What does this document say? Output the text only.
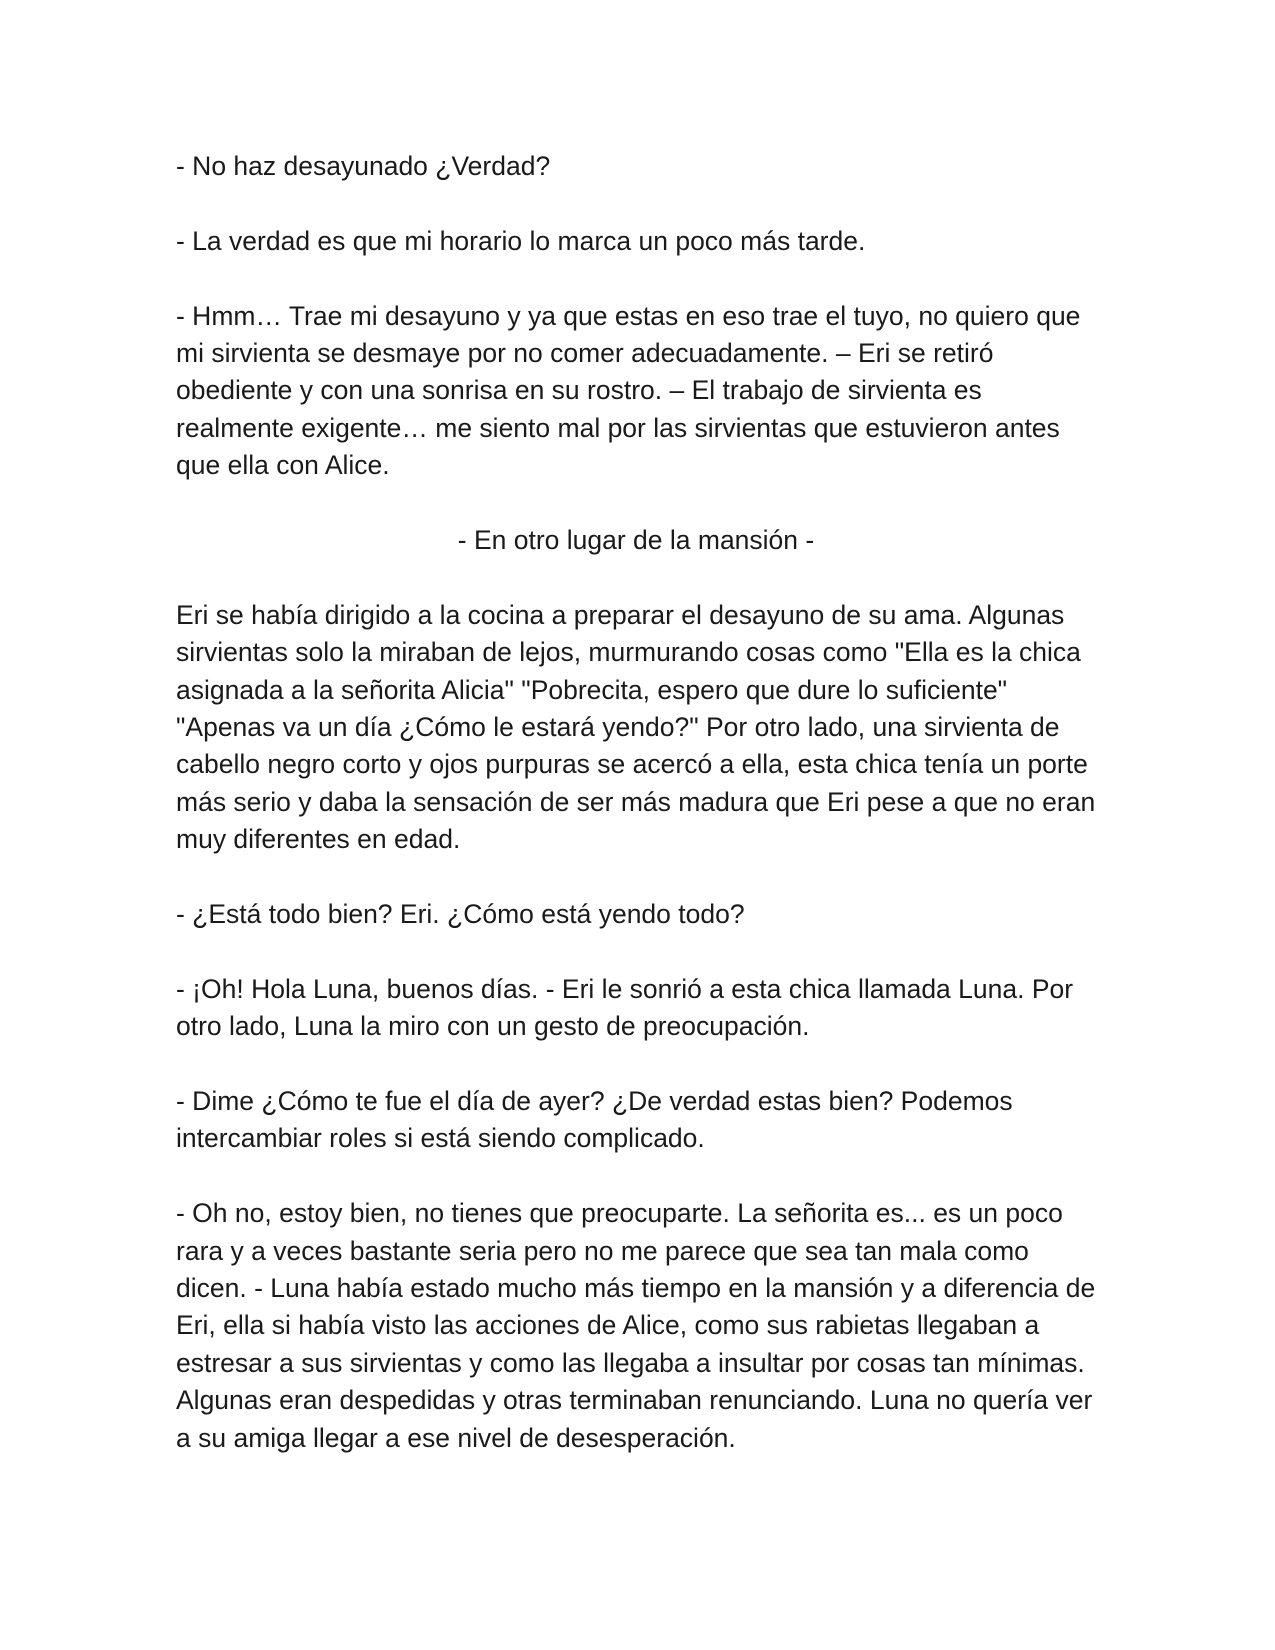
- No haz desayunado ¿Verdad?

- La verdad es que mi horario lo marca un poco más tarde.

- Hmm… Trae mi desayuno y ya que estas en eso trae el tuyo, no quiero que mi sirvienta se desmaye por no comer adecuadamente. – Eri se retiró obediente y con una sonrisa en su rostro. – El trabajo de sirvienta es realmente exigente… me siento mal por las sirvientas que estuvieron antes que ella con Alice.

- En otro lugar de la mansión -

Eri se había dirigido a la cocina a preparar el desayuno de su ama. Algunas sirvientas solo la miraban de lejos, murmurando cosas como "Ella es la chica asignada a la señorita Alicia" "Pobrecita, espero que dure lo suficiente" "Apenas va un día ¿Cómo le estará yendo?" Por otro lado, una sirvienta de cabello negro corto y ojos purpuras se acercó a ella, esta chica tenía un porte más serio y daba la sensación de ser más madura que Eri pese a que no eran muy diferentes en edad.

- ¿Está todo bien? Eri. ¿Cómo está yendo todo?

- ¡Oh! Hola Luna, buenos días. - Eri le sonrió a esta chica llamada Luna. Por otro lado, Luna la miro con un gesto de preocupación.

- Dime ¿Cómo te fue el día de ayer? ¿De verdad estas bien? Podemos intercambiar roles si está siendo complicado.

- Oh no, estoy bien, no tienes que preocuparte. La señorita es... es un poco rara y a veces bastante seria pero no me parece que sea tan mala como dicen. - Luna había estado mucho más tiempo en la mansión y a diferencia de Eri, ella si había visto las acciones de Alice, como sus rabietas llegaban a estresar a sus sirvientas y como las llegaba a insultar por cosas tan mínimas. Algunas eran despedidas y otras terminaban renunciando. Luna no quería ver a su amiga llegar a ese nivel de desesperación.
